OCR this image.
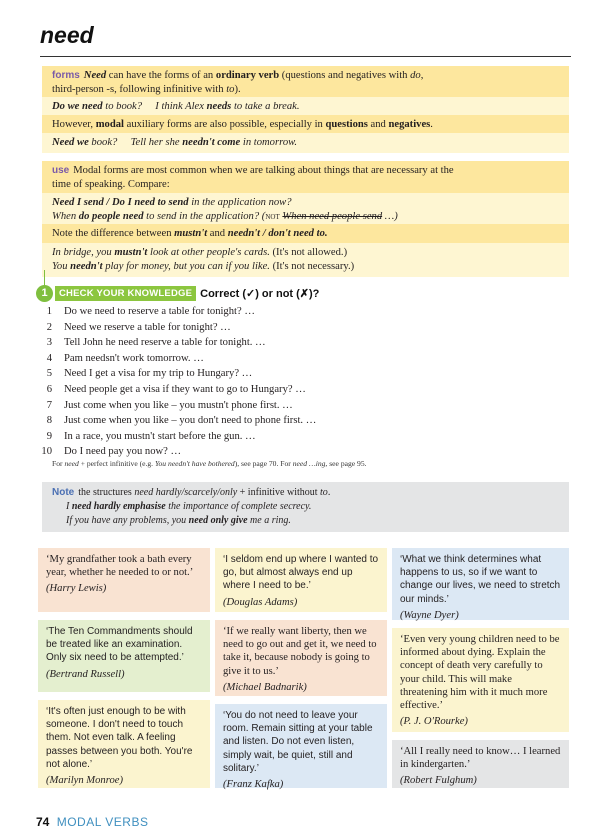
need
forms Need can have the forms of an ordinary verb (questions and negatives with do,
third-person -s, following infinitive with to).
Do we need to book? I think Alex needs to take a break.
However, modal auxiliary forms are also possible, especially in questions and negatives.
Need we book? Tell her she needn't come in tomorrow.
use Modal forms are most common when we are talking about things that are necessary at the
time of speaking. Compare:
Need I send / Do I need to send in the application now?
When do people need to send in the application? (not When need people send …)
Note the difference between mustn't and needn't / don't need to.
In bridge, you mustn't look at other people's cards. (It's not allowed.)
You needn't play for money, but you can if you like. (It's not necessary.)
1	CHECK YOUR KNOWLEDGE Correct (✓) or not (✗)?
1	Do we need to reserve a table for tonight? …
2	Need we reserve a table for tonight? …
3	Tell John he need reserve a table for tonight. …
4	Pam needsn't work tomorrow. …
5	Need I get a visa for my trip to Hungary? …
6	Need people get a visa if they want to go to Hungary? …
7	Just come when you like – you mustn't phone first. …
8	Just come when you like – you don't need to phone first. …
9	In a race, you mustn't start before the gun. …
10	Do I need pay you now? …
For need + perfect infinitive (e.g. You needn't have bothered), see page 70. For need …ing, see page 95.
Note the structures need hardly/scarcely/only + infinitive without to.
I need hardly emphasise the importance of complete secrecy.
If you have any problems, you need only give me a ring.
‘My grandfather took a bath every year, whether he needed to or not.’
(Harry Lewis)
‘I seldom end up where I wanted to go, but almost always end up where I need to be.’
(Douglas Adams)
‘What we think determines what happens to us, so if we want to change our lives, we need to stretch our minds.’
(Wayne Dyer)
‘The Ten Commandments should be treated like an examination. Only six need to be attempted.’
(Bertrand Russell)
‘If we really want liberty, then we need to go out and get it, we need to take it, because nobody is going to give it to us.’
(Michael Badnarik)
‘Even very young children need to be informed about dying. Explain the concept of death very carefully to your child. This will make threatening him with it much more effective.’
(P. J. O'Rourke)
‘It's often just enough to be with someone. I don't need to touch them. Not even talk. A feeling passes between you both. You're not alone.’
(Marilyn Monroe)
‘You do not need to leave your room. Remain sitting at your table and listen. Do not even listen, simply wait, be quiet, still and solitary.’
(Franz Kafka)
‘All I really need to know… I learned in kindergarten.’
(Robert Fulghum)
74 MODAL VERBS
